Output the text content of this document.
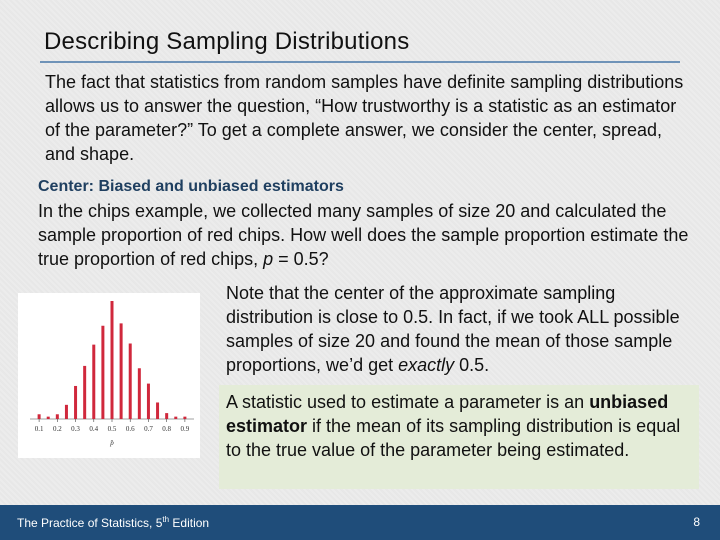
Describing Sampling Distributions
The fact that statistics from random samples have definite sampling distributions allows us to answer the question, “How trustworthy is a statistic as an estimator of the parameter?” To get a complete answer, we consider the center, spread, and shape.
Center: Biased and unbiased estimators
In the chips example, we collected many samples of size 20 and calculated the sample proportion of red chips. How well does the sample proportion estimate the true proportion of red chips, p = 0.5?
0.1 0.2 0.3 0.4 0.5 0.6 0.7 0.8 0.9
p̂
Note that the center of the approximate sampling distribution is close to 0.5. In fact, if we took ALL possible samples of size 20 and found the mean of those sample proportions, we’d get exactly 0.5.
A statistic used to estimate a parameter is an unbiased estimator if the mean of its sampling distribution is equal to the true value of the parameter being estimated.
The Practice of Statistics, 5th Edition	8
